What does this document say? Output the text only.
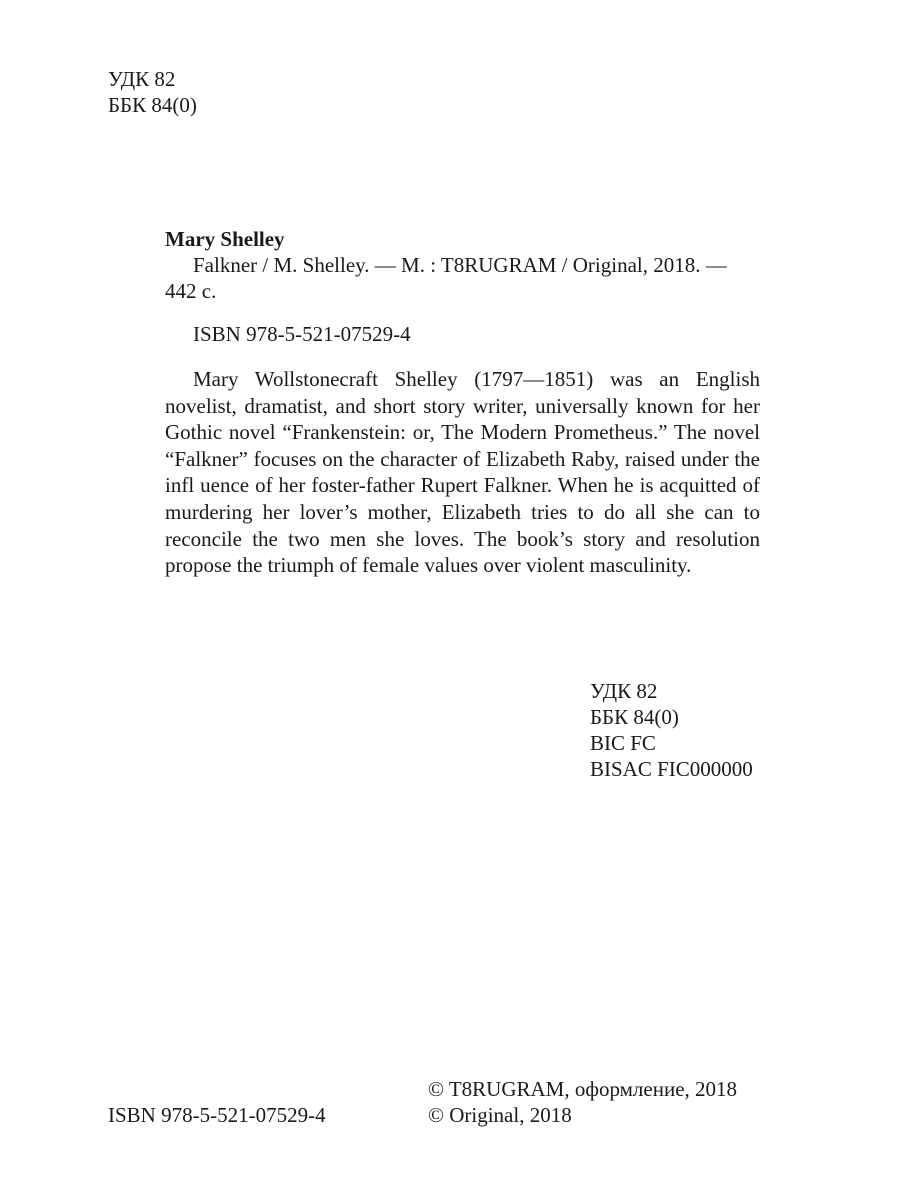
УДК 82
ББК 84(0)
Mary Shelley
Falkner / M. Shelley. — M. : T8RUGRAM / Original, 2018. —
442 с.
ISBN 978-5-521-07529-4
Mary Wollstonecraft Shelley (1797—1851) was an English novelist, dramatist, and short story writer, universally known for her Gothic novel “Frankenstein: or, The Modern Prometheus.” The novel “Falkner” focuses on the character of Elizabeth Raby, raised under the infl uence of her foster-father Rupert Falkner. When he is acquitted of murdering her lover’s mother, Elizabeth tries to do all she can to reconcile the two men she loves. The book’s story and resolution propose the triumph of female values over violent masculinity.
УДК 82
ББК 84(0)
BIC FC
BISAC FIC000000
ISBN 978-5-521-07529-4
© T8RUGRAM, оформление, 2018
© Original, 2018
